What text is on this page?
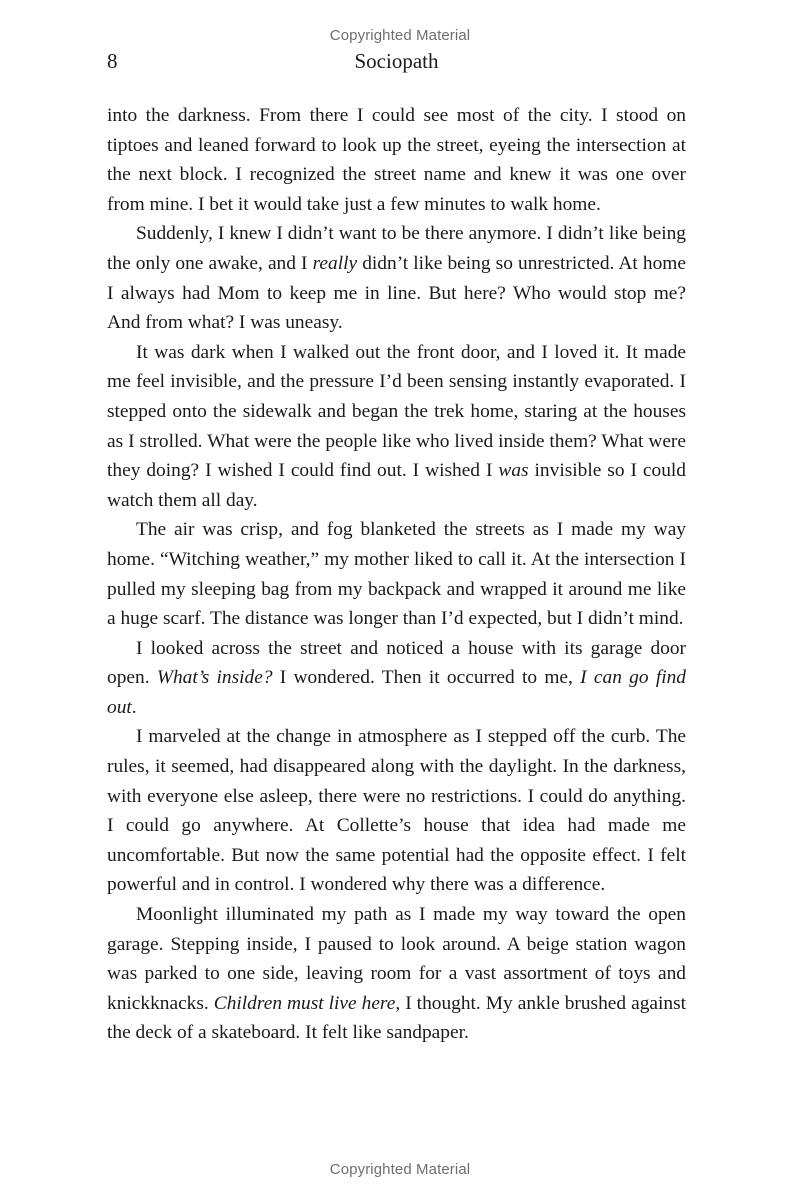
Copyrighted Material
8	Sociopath

into the darkness. From there I could see most of the city. I stood on tiptoes and leaned forward to look up the street, eyeing the intersection at the next block. I recognized the street name and knew it was one over from mine. I bet it would take just a few minutes to walk home.

Suddenly, I knew I didn’t want to be there anymore. I didn’t like being the only one awake, and I really didn’t like being so unrestricted. At home I always had Mom to keep me in line. But here? Who would stop me? And from what? I was uneasy.

It was dark when I walked out the front door, and I loved it. It made me feel invisible, and the pressure I’d been sensing instantly evaporated. I stepped onto the sidewalk and began the trek home, staring at the houses as I strolled. What were the people like who lived inside them? What were they doing? I wished I could find out. I wished I was invisible so I could watch them all day.

The air was crisp, and fog blanketed the streets as I made my way home. “Witching weather,” my mother liked to call it. At the intersection I pulled my sleeping bag from my backpack and wrapped it around me like a huge scarf. The distance was longer than I’d expected, but I didn’t mind.

I looked across the street and noticed a house with its garage door open. What’s inside? I wondered. Then it occurred to me, I can go find out.

I marveled at the change in atmosphere as I stepped off the curb. The rules, it seemed, had disappeared along with the daylight. In the darkness, with everyone else asleep, there were no restrictions. I could do anything. I could go anywhere. At Collette’s house that idea had made me uncomfortable. But now the same potential had the opposite effect. I felt powerful and in control. I wondered why there was a difference.

Moonlight illuminated my path as I made my way toward the open garage. Stepping inside, I paused to look around. A beige station wagon was parked to one side, leaving room for a vast assortment of toys and knickknacks. Children must live here, I thought. My ankle brushed against the deck of a skateboard. It felt like sandpaper.

Copyrighted Material
